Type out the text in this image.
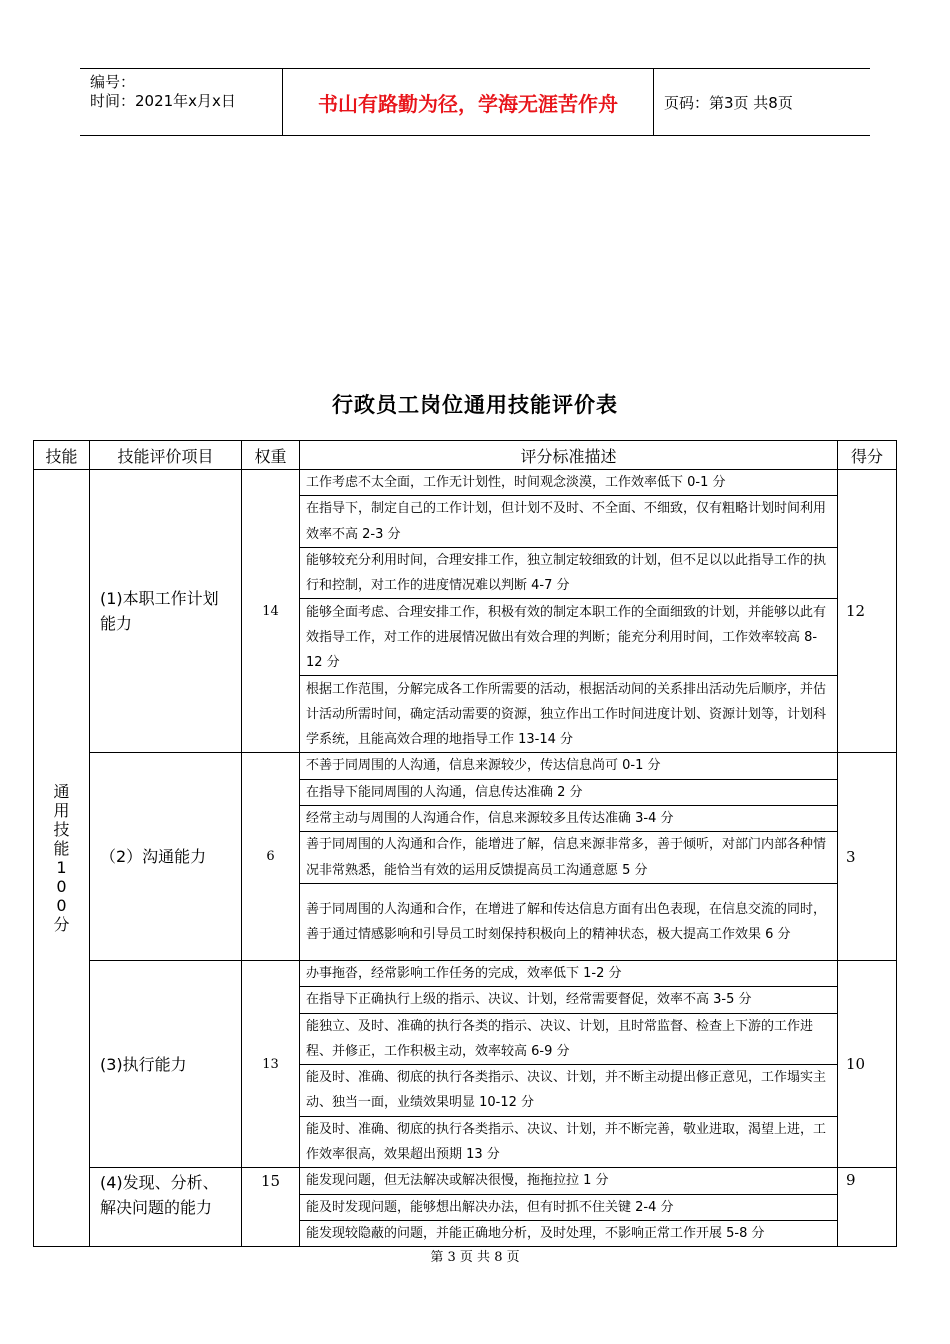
编号：
时间：2021年x月x日	书山有路勤为径，学海无涯苦作舟	页码：第3页 共8页
行政员工岗位通用技能评价表
技能	技能评价项目	权重	评分标准描述	得分
通用技能100分	(1)本职工作计划能力	14	工作考虑不太全面，工作无计划性，时间观念淡漠，工作效率低下 0-1 分	12
			在指导下，制定自己的工作计划，但计划不及时、不全面、不细致，仅有粗略计划时间利用效率不高 2-3 分	
			能够较充分利用时间，合理安排工作，独立制定较细致的计划，但不足以以此指导工作的执行和控制，对工作的进度情况难以判断 4-7 分	
			能够全面考虑、合理安排工作，积极有效的制定本职工作的全面细致的计划，并能够以此有效指导工作，对工作的进展情况做出有效合理的判断；能充分利用时间，工作效率较高 8-12 分	
			根据工作范围，分解完成各工作所需要的活动，根据活动间的关系排出活动先后顺序，并估计活动所需时间，确定活动需要的资源，独立作出工作时间进度计划、资源计划等，计划科学系统，且能高效合理的地指导工作 13-14 分	
	（2）沟通能力	6	不善于同周围的人沟通，信息来源较少，传达信息尚可 0-1 分	3
			在指导下能同周围的人沟通，信息传达准确 2 分	
			经常主动与周围的人沟通合作，信息来源较多且传达准确 3-4 分	
			善于同周围的人沟通和合作，能增进了解，信息来源非常多，善于倾听，对部门内部各种情况非常熟悉，能恰当有效的运用反馈提高员工沟通意愿 5 分	
			善于同周围的人沟通和合作，在增进了解和传达信息方面有出色表现，在信息交流的同时，善于通过情感影响和引导员工时刻保持积极向上的精神状态，极大提高工作效果 6 分	
	(3)执行能力	13	办事拖沓，经常影响工作任务的完成，效率低下 1-2 分	10
			在指导下正确执行上级的指示、决议、计划，经常需要督促，效率不高 3-5 分	
			能独立、及时、准确的执行各类的指示、决议、计划，且时常监督、检查上下游的工作进程、并修正，工作积极主动，效率较高 6-9 分	
			能及时、准确、彻底的执行各类指示、决议、计划，并不断主动提出修正意见，工作塌实主动、独当一面，业绩效果明显 10-12 分	
			能及时、准确、彻底的执行各类指示、决议、计划，并不断完善，敬业进取，渴望上进，工作效率很高，效果超出预期 13 分	
	(4)发现、分析、解决问题的能力	15	能发现问题，但无法解决或解决很慢，拖拖拉拉 1 分	9
			能及时发现问题，能够想出解决办法，但有时抓不住关键 2-4 分	
			能发现较隐蔽的问题，并能正确地分析，及时处理，不影响正常工作开展 5-8 分	
第 3 页 共 8 页
